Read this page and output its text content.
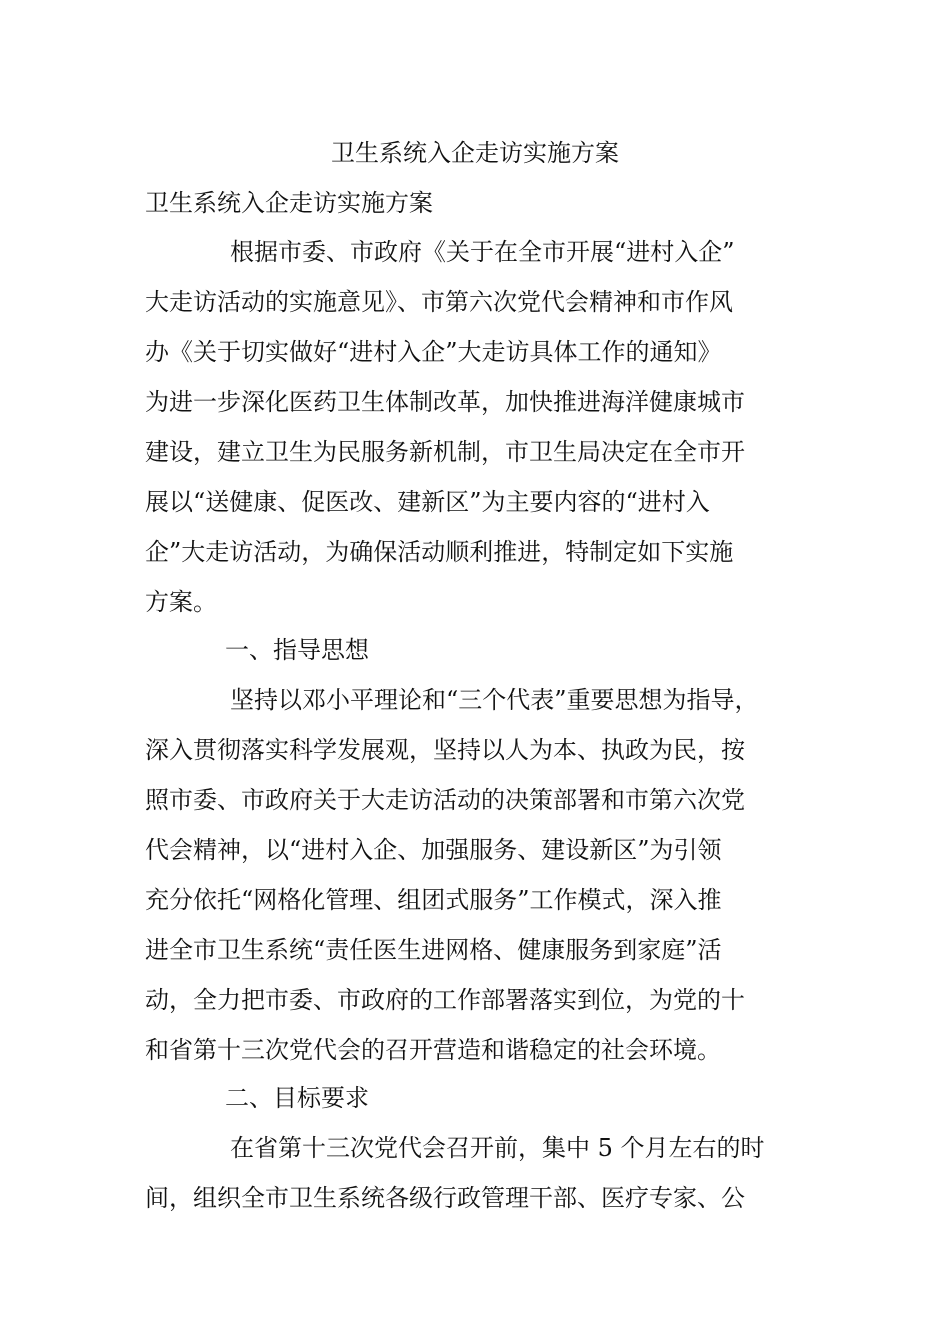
卫生系统入企走访实施方案
卫生系统入企走访实施方案
根据市委、市政府《关于在全市开展“进村入企”
大走访活动的实施意见》、市第六次党代会精神和市作风
办《关于切实做好“进村入企”大走访具体工作的通知》
为进一步深化医药卫生体制改革，加快推进海洋健康城市
建设，建立卫生为民服务新机制，市卫生局决定在全市开
展以“送健康、促医改、建新区”为主要内容的“进村入
企”大走访活动，为确保活动顺利推进，特制定如下实施
方案。
一、指导思想
坚持以邓小平理论和“三个代表”重要思想为指导，
深入贯彻落实科学发展观，坚持以人为本、执政为民，按
照市委、市政府关于大走访活动的决策部署和市第六次党
代会精神，以“进村入企、加强服务、建设新区”为引领
充分依托“网格化管理、组团式服务”工作模式，深入推
进全市卫生系统“责任医生进网格、健康服务到家庭”活
动，全力把市委、市政府的工作部署落实到位，为党的十
和省第十三次党代会的召开营造和谐稳定的社会环境。
二、目标要求
在省第十三次党代会召开前，集中 5 个月左右的时
间，组织全市卫生系统各级行政管理干部、医疗专家、公
